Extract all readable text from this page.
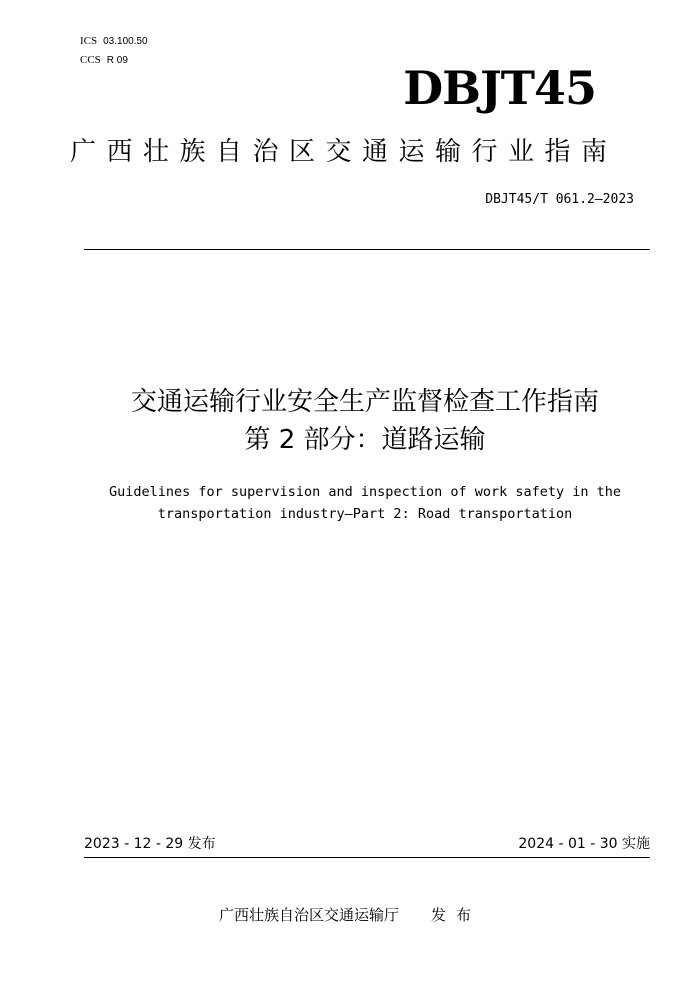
ICS 03.100.50
CCS R 09
DBJT45
广西壮族自治区交通运输行业指南
DBJT45/T 061.2—2023
交通运输行业安全生产监督检查工作指南
第 2 部分：道路运输
Guidelines for supervision and inspection of work safety in the
transportation industry—Part 2: Road transportation
2023 - 12 - 29 发布	2024 - 01 - 30 实施
广西壮族自治区交通运输厅 发布
